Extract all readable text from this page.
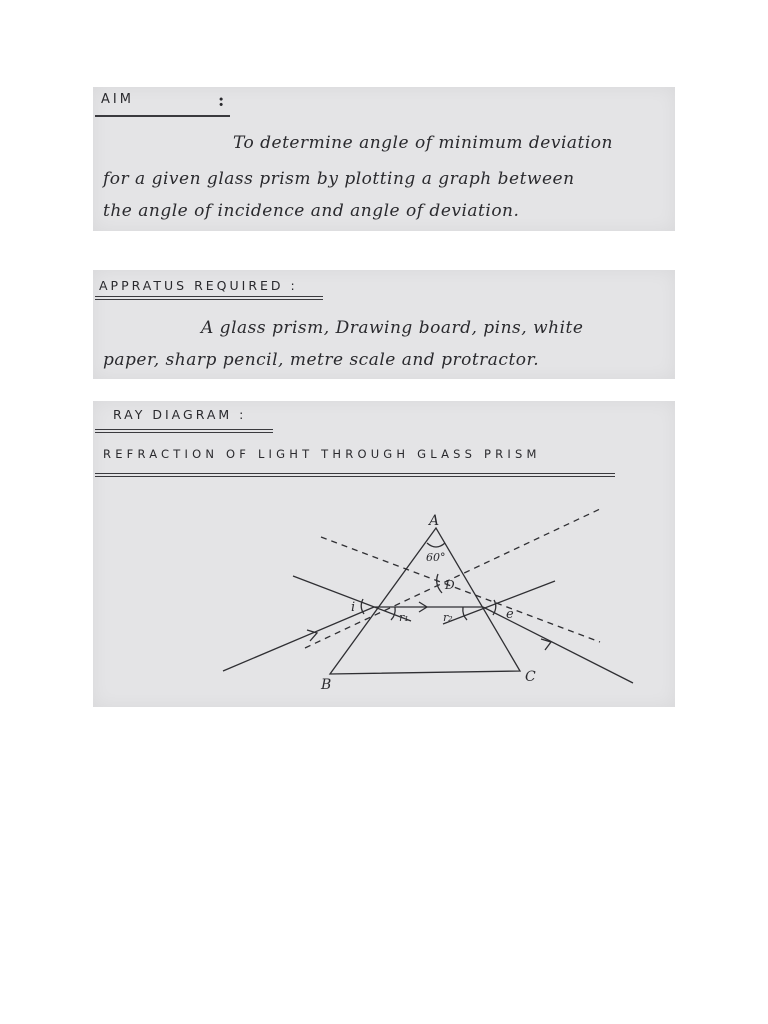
AIM	:
To determine angle of minimum deviation
for a given glass prism by plotting a graph between
the angle of incidence and angle of deviation.
APPRATUS REQUIRED :
A glass prism, Drawing board, pins, white
paper, sharp pencil, metre scale and protractor.
RAY DIAGRAM :
REFRACTION OF LIGHT THROUGH GLASS PRISM
A
B	C
60°
D
i	e
r₁	r₂
